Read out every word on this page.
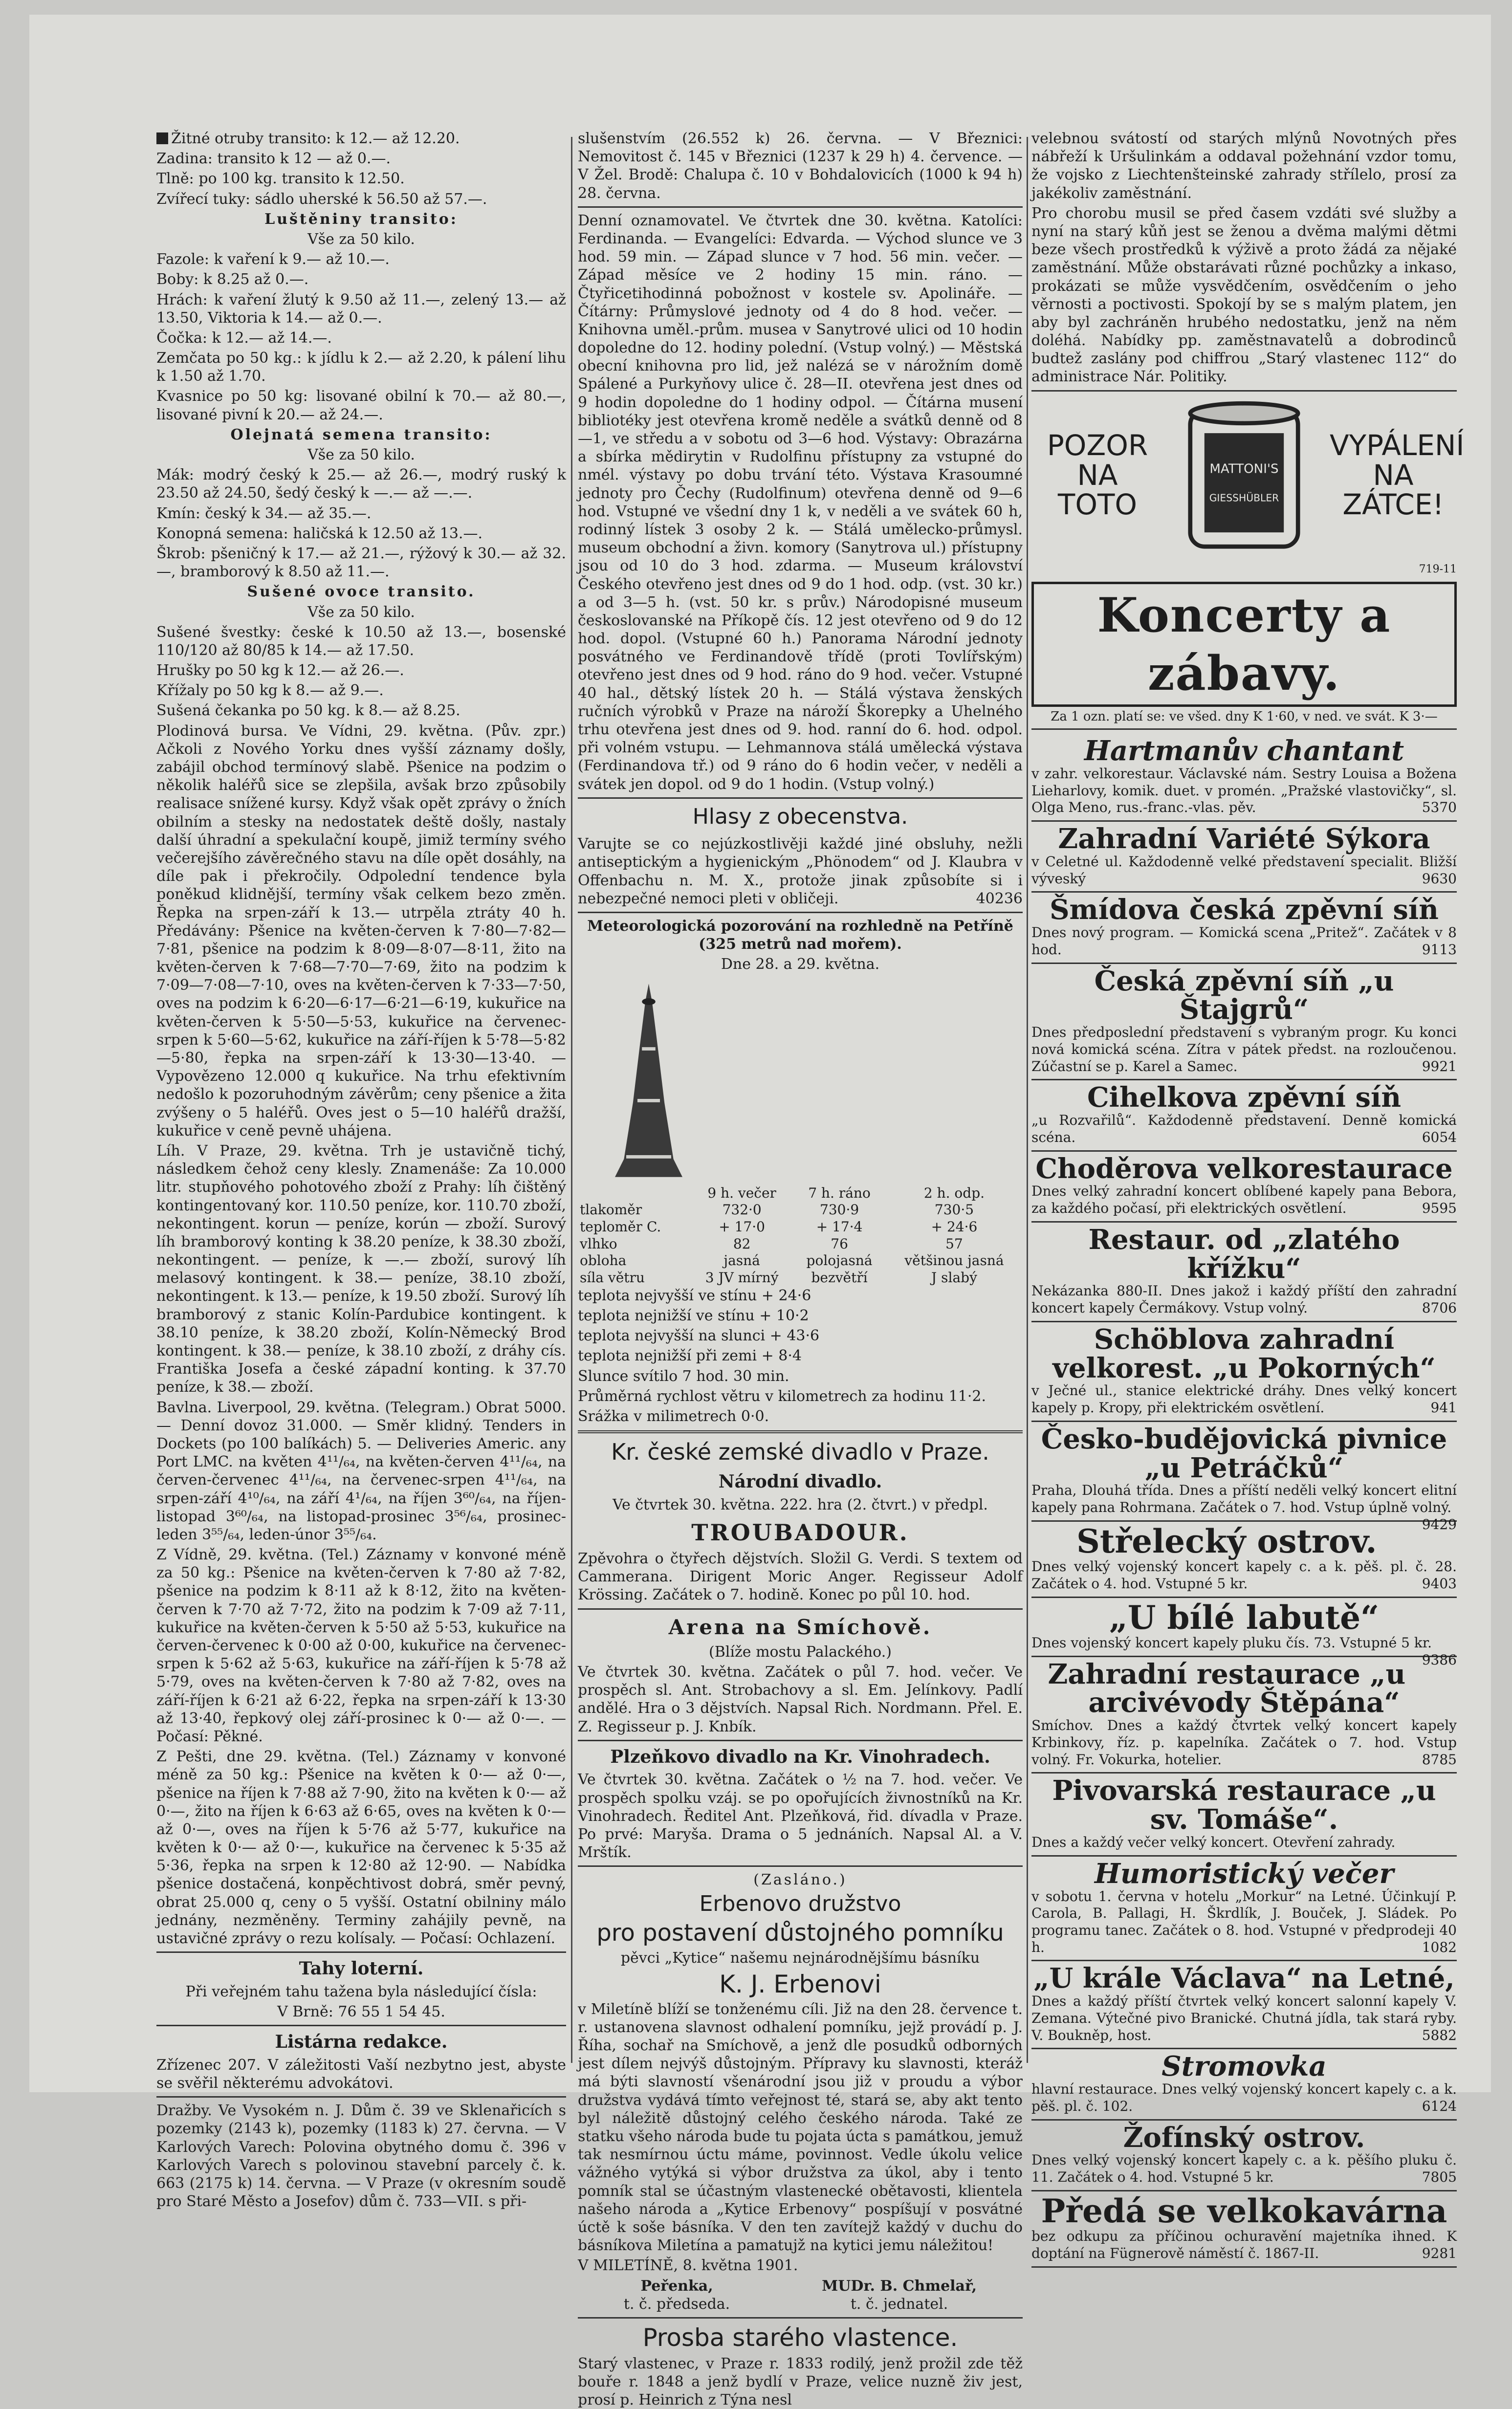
Žitné otruby transito: k 12.— až 12.20.

Zadina: transito k 12 — až 0.—.

Tlně: po 100 kg. transito k 12.50.

Zvířecí tuky: sádlo uherské k 56.50 až 57.—.

Luštěniny transito:

Vše za 50 kilo.

Fazole: k vaření k 9.— až 10.—.

Boby: k 8.25 až 0.—.

Hrách: k vaření žlutý k 9.50 až 11.—, zelený 13.— až 13.50, Viktoria k 14.— až 0.—.

Čočka: k 12.— až 14.—.

Zemčata po 50 kg.: k jídlu k 2.— až 2.20, k pálení lihu k 1.50 až 1.70.

Kvasnice po 50 kg: lisované obilní k 70.— až 80.—, lisované pivní k 20.— až 24.—.

Olejnatá semena transito:

Vše za 50 kilo.

Mák: modrý český k 25.— až 26.—, modrý ruský k 23.50 až 24.50, šedý český k —.— až —.—.

Kmín: český k 34.— až 35.—.

Konopná semena: haličská k 12.50 až 13.—.

Škrob: pšeničný k 17.— až 21.—, rýžový k 30.— až 32.—, bramborový k 8.50 až 11.—.

Sušené ovoce transito.

Vše za 50 kilo.

Sušené švestky: české k 10.50 až 13.—, bosenské 110/120 až 80/85 k 14.— až 17.50.

Hrušky po 50 kg k 12.— až 26.—.

Křížaly po 50 kg k 8.— až 9.—.

Sušená čekanka po 50 kg. k 8.— až 8.25.

Plodinová bursa. Ve Vídni, 29. května. (Pův. zpr.) Ačkoli z Nového Yorku dnes vyšší záznamy došly, zabájil obchod termínový slabě. Pšenice na podzim o několik haléřů sice se zlepšila, avšak brzo způsobily realisace snížené kursy. Když však opět zprávy o žních obilním a stesky na nedostatek deště došly, nastaly další úhradní a spekulační koupě, jimiž termíny svého večerejšího závěrečného stavu na díle opět dosáhly, na díle pak i překročily. Odpolední tendence byla poněkud klidnější, termíny však celkem bezo změn. Řepka na srpen-září k 13.— utrpěla ztráty 40 h. Předávány: Pšenice na květen-červen k 7·80—7·82—7·81, pšenice na podzim k 8·09—8·07—8·11, žito na květen-červen k 7·68—7·70—7·69, žito na podzim k 7·09—7·08—7·10, oves na květen-červen k 7·33—7·50, oves na podzim k 6·20—6·17—6·21—6·19, kukuřice na květen-červen k 5·50—5·53, kukuřice na červenec-srpen k 5·60—5·62, kukuřice na září-říjen k 5·78—5·82—5·80, řepka na srpen-září k 13·30—13·40. — Vypovězeno 12.000 q kukuřice. Na trhu efektivním nedošlo k pozoruhodným závěrům; ceny pšenice a žita zvýšeny o 5 haléřů. Oves jest o 5—10 haléřů dražší, kukuřice v ceně pevně uhájena.

Líh. V Praze, 29. května. Trh je ustavičně tichý, následkem čehož ceny klesly. Znamenáše: Za 10.000 litr. stupňového pohotového zboží z Prahy: líh čištěný kontingentovaný kor. 110.50 peníze, kor. 110.70 zboží, nekontingent. korun — peníze, korún — zboží. Surový líh bramborový konting k 38.20 peníze, k 38.30 zboží, nekontingent. — peníze, k —.— zboží, surový líh melasový kontingent. k 38.— peníze, 38.10 zboží, nekontingent. k 13.— peníze, k 19.50 zboží. Surový líh bramborový z stanic Kolín-Pardubice kontingent. k 38.10 peníze, k 38.20 zboží, Kolín-Německý Brod kontingent. k 38.— peníze, k 38.10 zboží, z dráhy cís. Františka Josefa a české západní konting. k 37.70 peníze, k 38.— zboží.

Bavlna. Liverpool, 29. května. (Telegram.) Obrat 5000. — Denní dovoz 31.000. — Směr klidný. Tenders in Dockets (po 100 balíkách) 5. — Deliveries Americ. any Port LMC. na květen 4¹¹/₆₄, na květen-červen 4¹¹/₆₄, na červen-červenec 4¹¹/₆₄, na červenec-srpen 4¹¹/₆₄, na srpen-září 4¹⁰/₆₄, na září 4¹/₆₄, na říjen 3⁶⁰/₆₄, na říjen-listopad 3⁶⁰/₆₄, na listopad-prosinec 3⁵⁶/₆₄, prosinec-leden 3⁵⁵/₆₄, leden-únor 3⁵⁵/₆₄.

Z Vídně, 29. května. (Tel.) Záznamy v konvoné méně za 50 kg.: Pšenice na květen-červen k 7·80 až 7·82, pšenice na podzim k 8·11 až k 8·12, žito na květen-červen k 7·70 až 7·72, žito na podzim k 7·09 až 7·11, kukuřice na květen-červen k 5·50 až 5·53, kukuřice na červen-červenec k 0·00 až 0·00, kukuřice na červenec-srpen k 5·62 až 5·63, kukuřice na září-říjen k 5·78 až 5·79, oves na květen-červen k 7·80 až 7·82, oves na září-říjen k 6·21 až 6·22, řepka na srpen-září k 13·30 až 13·40, řepkový olej září-prosinec k 0·— až 0·—. — Počasí: Pěkné.

Z Pešti, dne 29. května. (Tel.) Záznamy v konvoné méně za 50 kg.: Pšenice na květen k 0·— až 0·—, pšenice na říjen k 7·88 až 7·90, žito na květen k 0·— až 0·—, žito na říjen k 6·63 až 6·65, oves na květen k 0·— až 0·—, oves na říjen k 5·76 až 5·77, kukuřice na květen k 0·— až 0·—, kukuřice na červenec k 5·35 až 5·36, řepka na srpen k 12·80 až 12·90. — Nabídka pšenice dostačená, konpěchtivost dobrá, směr pevný, obrat 25.000 q, ceny o 5 vyšší. Ostatní obilniny málo jednány, nezměněny. Terminy zahájily pevně, na ustavičné zprávy o rezu kolísaly. — Počasí: Ochlazení.

Tahy loterní.

Při veřejném tahu tažena byla následující čísla:

V Brně: 76 55 1 54 45.

Listárna redakce.

Zřízenec 207. V záležitosti Vaší nezbytno jest, abyste se svěřil některému advokátovi.

Dražby. Ve Vysokém n. J. Dům č. 39 ve Sklenařicích s pozemky (2143 k), pozemky (1183 k) 27. června. — V Karlových Varech: Polovina obytného domu č. 396 v Karlových Varech s polovinou stavební parcely č. k. 663 (2175 k) 14. června. — V Praze (v okresním soudě pro Staré Město a Josefov) dům č. 733—VII. s při-

slušenstvím (26.552 k) 26. června. — V Březnici: Nemovitost č. 145 v Březnici (1237 k 29 h) 4. července. — V Žel. Brodě: Chalupa č. 10 v Bohdalovicích (1000 k 94 h) 28. června.

Denní oznamovatel. Ve čtvrtek dne 30. května. Katolíci: Ferdinanda. — Evangelíci: Edvarda. — Východ slunce ve 3 hod. 59 min. — Západ slunce v 7 hod. 56 min. večer. — Západ měsíce ve 2 hodiny 15 min. ráno. — Čtyřicetihodinná pobožnost v kostele sv. Apolináře. — Čítárny: Průmyslové jednoty od 4 do 8 hod. večer. — Knihovna uměl.-prům. musea v Sanytrové ulici od 10 hodin dopoledne do 12. hodiny polední. (Vstup volný.) — Městská obecní knihovna pro lid, jež nalézá se v nárožním domě Spálené a Purkyňovy ulice č. 28—II. otevřena jest dnes od 9 hodin dopoledne do 1 hodiny odpol. — Čítárna musení bibliotéky jest otevřena kromě neděle a svátků denně od 8—1, ve středu a v sobotu od 3—6 hod. Výstavy: Obrazárna a sbírka mědirytin v Rudolfinu přístupny za vstupné do nmél. výstavy po dobu trvání této. Výstava Krasoumné jednoty pro Čechy (Rudolfinum) otevřena denně od 9—6 hod. Vstupné ve všední dny 1 k, v neděli a ve svátek 60 h, rodinný lístek 3 osoby 2 k. — Stálá umělecko-průmysl. museum obchodní a živn. komory (Sanytrova ul.) přístupny jsou od 10 do 3 hod. zdarma. — Museum království Českého otevřeno jest dnes od 9 do 1 hod. odp. (vst. 30 kr.) a od 3—5 h. (vst. 50 kr. s prův.) Národopisné museum českoslovanské na Příkopě čís. 12 jest otevřeno od 9 do 12 hod. dopol. (Vstupné 60 h.) Panorama Národní jednoty posvátného ve Ferdinandově třídě (proti Tovlířským) otevřeno jest dnes od 9 hod. ráno do 9 hod. večer. Vstupné 40 hal., dětský lístek 20 h. — Stálá výstava ženských ručních výrobků v Praze na nároží Škorepky a Uhelného trhu otevřena jest dnes od 9. hod. ranní do 6. hod. odpol. při volném vstupu. — Lehmannova stálá umělecká výstava (Ferdinandova tř.) od 9 ráno do 6 hodin večer, v neděli a svátek jen dopol. od 9 do 1 hodin. (Vstup volný.)

Hlasy z obecenstva.

Varujte se co nejúzkostlivěji každé jiné obsluhy, nežli antiseptickým a hygienickým „Phönodem“ od J. Klaubra v Offenbachu n. M. X., protože jinak způsobíte si i nebezpečné nemoci pleti v obličeji.	40236

Meteorologická pozorování na rozhledně na Petříně (325 metrů nad mořem).

Dne 28. a 29. května.

	9 h. večer	7 h. ráno	2 h. odp.
tlakoměr	732·0	730·9	730·5
teploměr C.	+ 17·0	+ 17·4	+ 24·6
vlhko	82	76	57
obloha	jasná	polojasná	většinou jasná
síla větru	3 JV mírný	bezvětří	J slabý

teplota nejvyšší ve stínu + 24·6

teplota nejnižší ve stínu + 10·2

teplota nejvyšší na slunci + 43·6

teplota nejnižší při zemi + 8·4

Slunce svítilo 7 hod. 30 min.

Průměrná rychlost větru v kilometrech za hodinu 11·2.

Srážka v milimetrech 0·0.

Kr. české zemské divadlo v Praze.

Národní divadlo.

Ve čtvrtek 30. května. 222. hra (2. čtvrt.) v předpl.

TROUBADOUR.

Zpěvohra o čtyřech dějstvích. Složil G. Verdi. S textem od Cammerana. Dirigent Moric Anger. Regisseur Adolf Krössing. Začátek o 7. hodině. Konec po půl 10. hod.

Arena na Smíchově.

(Blíže mostu Palackého.)

Ve čtvrtek 30. května. Začátek o půl 7. hod. večer. Ve prospěch sl. Ant. Strobachovy a sl. Em. Jelínkovy. Padlí andělé. Hra o 3 dějstvích. Napsal Rich. Nordmann. Přel. E. Z. Regisseur p. J. Knbík.

Plzeňkovo divadlo na Kr. Vinohradech.

Ve čtvrtek 30. května. Začátek o ½ na 7. hod. večer. Ve prospěch spolku vzáj. se po opořujících živnostníků na Kr. Vinohradech. Ředitel Ant. Plzeňková, řid. dívadla v Praze. Po prvé: Maryša. Drama o 5 jednáních. Napsal Al. a V. Mrštík.

(Zasláno.)

Erbenovo družstvo

pro postavení důstojného pomníku

pěvci „Kytice“ našemu nejnárodnějšímu básníku

K. J. Erbenovi

v Miletíně blíží se tonženému cíli. Již na den 28. července t. r. ustanovena slavnost odhalení pomníku, jejž provádí p. J. Říha, sochař na Smíchově, a jenž dle posudků odborných jest dílem nejvýš důstojným. Přípravy ku slavnosti, kteráž má býti slavností všenárodní jsou již v proudu a výbor družstva vydává tímto veřejnost té, stará se, aby akt tento byl náležitě důstojný celého českého národa. Také ze statku všeho národa bude tu pojata úcta s památkou, jemuž tak nesmírnou úctu máme, povinnost. Vedle úkolu velice vážného vytýká si výbor družstva za úkol, aby i tento pomník stal se účastným vlastenecké obětavosti, klientela našeho národa a „Kytice Erbenovy“ pospíšují v posvátné úctě k soše básníka. V den ten zavítejž každý v duchu do básníkova Miletína a pamatujž na kytici jemu náležitou!

V MILETÍNĚ, 8. května 1901.

Peřenka,
t. č. předseda.
MUDr. B. Chmelař,
t. č. jednatel.

Prosba starého vlastence.

Starý vlastenec, v Praze r. 1833 rodilý, jenž prožil zde těž bouře r. 1848 a jenž bydlí v Praze, velice nuzně živ jest, prosí p. Heinrich z Týna nesl

velebnou svátostí od starých mlýnů Novotných přes nábřeží k Uršulinkám a oddaval požehnání vzdor tomu, že vojsko z Liechtenšteinské zahrady střílelo, prosí za jakékoliv zaměstnání.

Pro chorobu musil se před časem vzdáti své služby a nyní na starý kůň jest se ženou a dvěma malými dětmi beze všech prostředků k výživě a proto žádá za nějaké zaměstnání. Může obstarávati různé pochůzky a inkaso, prokázati se může vysvědčením, osvědčením o jeho věrnosti a poctivosti. Spokojí by se s malým platem, jen aby byl zachráněn hrubého nedostatku, jenž na něm doléhá. Nabídky pp. zaměstnavatelů a dobrodinců budtež zaslány pod chiffrou „Starý vlastenec 112“ do administrace Nár. Politiky.

POZOR
NA
TOTO
MATTONI'S
GIESSHÜBLER
VYPÁLENÍ
NA
ZÁTCE!

719-11

Koncerty a zábavy.

Za 1 ozn. platí se: ve všed. dny K 1·60, v ned. ve svát. K 3·—

Hartmanův chantant
v zahr. velkorestaur. Václavské nám. Sestry Louisa a Božena Lieharlovy, komik. duet. v promén. „Pražské vlastovičky“, sl. Olga Meno, rus.-franc.-vlas. pěv.	5370
Zahradní Variété Sýkora
v Celetné ul. Každodenně velké představení specialit. Bližší výveský	9630
Šmídova česká zpěvní síň
Dnes nový program. — Komická scena „Pritež“. Začátek v 8 hod.	9113
Česká zpěvní síň „u Štajgrů“
Dnes předposlední představení s vybraným progr. Ku konci nová komická scéna. Zítra v pátek předst. na rozloučenou. Zúčastní se p. Karel a Samec.	9921
Cihelkova zpěvní síň
„u Rozvařilů“. Každodenně představení. Denně komická scéna.	6054
Choděrova velkorestaurace
Dnes velký zahradní koncert oblíbené kapely pana Bebora, za každého počasí, při elektrických osvětlení.	9595
Restaur. od „zlatého křížku“
Nekázanka 880-II. Dnes jakož i každý příští den zahradní koncert kapely Čermákovy. Vstup volný.	8706
Schöblova zahradní velkorest. „u Pokorných“
v Ječné ul., stanice elektrické dráhy. Dnes velký koncert kapely p. Kropy, při elektrickém osvětlení.	941
Česko-budějovická pivnice „u Petráčků“
Praha, Dlouhá třída. Dnes a příští neděli velký koncert elitní kapely pana Rohrmana. Začátek o 7. hod. Vstup úplně volný.
9429
Střelecký ostrov.
Dnes velký vojenský koncert kapely c. a k. pěš. pl. č. 28. Začátek o 4. hod. Vstupné 5 kr.	9403
„U bílé labutě“
Dnes vojenský koncert kapely pluku čís. 73. Vstupné 5 kr.
9386
Zahradní restaurace „u arcivévody Štěpána“
Smíchov. Dnes a každý čtvrtek velký koncert kapely Krbinkovy, říz. p. kapelníka. Začátek o 7. hod. Vstup volný. Fr. Vokurka, hotelier.	8785
Pivovarská restaurace „u sv. Tomáše“.
Dnes a každý večer velký koncert. Otevření zahrady.
Humoristický večer
v sobotu 1. června v hotelu „Morkur“ na Letné. Účinkují P. Carola, B. Pallagi, H. Škrdlík, J. Bouček, J. Sládek. Po programu tanec. Začátek o 8. hod. Vstupné v předprodeji 40 h.	1082
„U krále Václava“ na Letné,
Dnes a každý příští čtvrtek velký koncert salonní kapely V. Zemana. Výtečné pivo Branické. Chutná jídla, tak stará ryby. V. Boukněp, host.	5882
Stromovka
hlavní restaurace. Dnes velký vojenský koncert kapely c. a k. pěš. pl. č. 102.	6124
Žofínský ostrov.
Dnes velký vojenský koncert kapely c. a k. pěšího pluku č. 11. Začátek o 4. hod. Vstupné 5 kr.	7805
Předá se velkokavárna
bez odkupu za příčinou ochuravění majetníka ihned. K doptání na Fügnerově náměstí č. 1867-II.	9281
